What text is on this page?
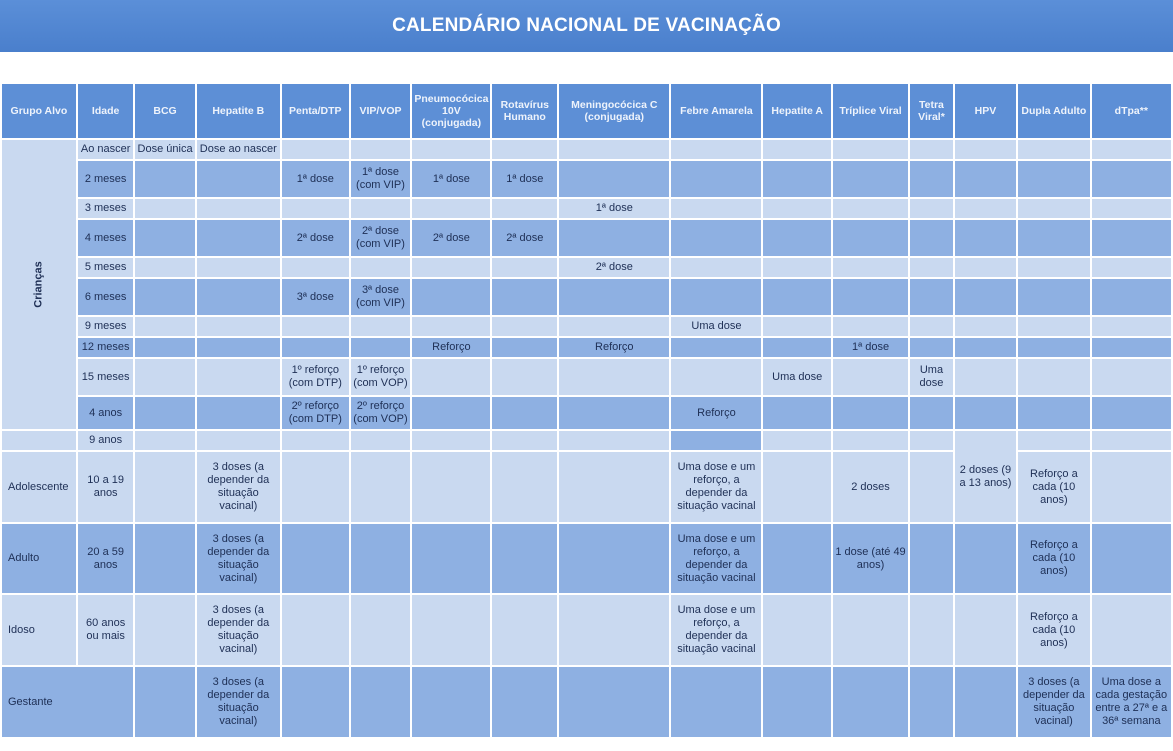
CALENDÁRIO NACIONAL DE VACINAÇÃO
Grupo Alvo	Idade	BCG	Hepatite B	Penta/DTP	VIP/VOP	Pneumocócica 10V (conjugada)	Rotavírus Humano	Meningocócica C (conjugada)	Febre Amarela	Hepatite A	Tríplice Viral	Tetra Viral*	HPV	Dupla Adulto	dTpa**
Crianças	Ao nascer	Dose única	Dose ao nascer												
	2 meses			1ª dose	1ª dose (com VIP)	1ª dose	1ª dose								
	3 meses							1ª dose							
	4 meses			2ª dose	2ª dose (com VIP)	2ª dose	2ª dose								
	5 meses							2ª dose							
	6 meses			3ª dose	3ª dose (com VIP)										
	9 meses								Uma dose						
	12 meses					Reforço		Reforço			1ª dose				
	15 meses			1º reforço (com DTP)	1º reforço (com VOP)					Uma dose		Uma dose			
	4 anos			2º reforço (com DTP)	2º reforço (com VOP)				Reforço						
	9 anos												2 doses (9 a 13 anos)		
Adolescente	10 a 19 anos		3 doses (a depender da situação vacinal)						Uma dose e um reforço, a depender da situação vacinal		2 doses			Reforço a cada (10 anos)	
Adulto	20 a 59 anos		3 doses (a depender da situação vacinal)						Uma dose e um reforço, a depender da situação vacinal		1 dose (até 49 anos)			Reforço a cada (10 anos)	
Idoso	60 anos ou mais		3 doses (a depender da situação vacinal)						Uma dose e um reforço, a depender da situação vacinal					Reforço a cada (10 anos)	
Gestante			3 doses (a depender da situação vacinal)											3 doses (a depender da situação vacinal)	Uma dose a cada gestação entre a 27ª e a 36ª semana
